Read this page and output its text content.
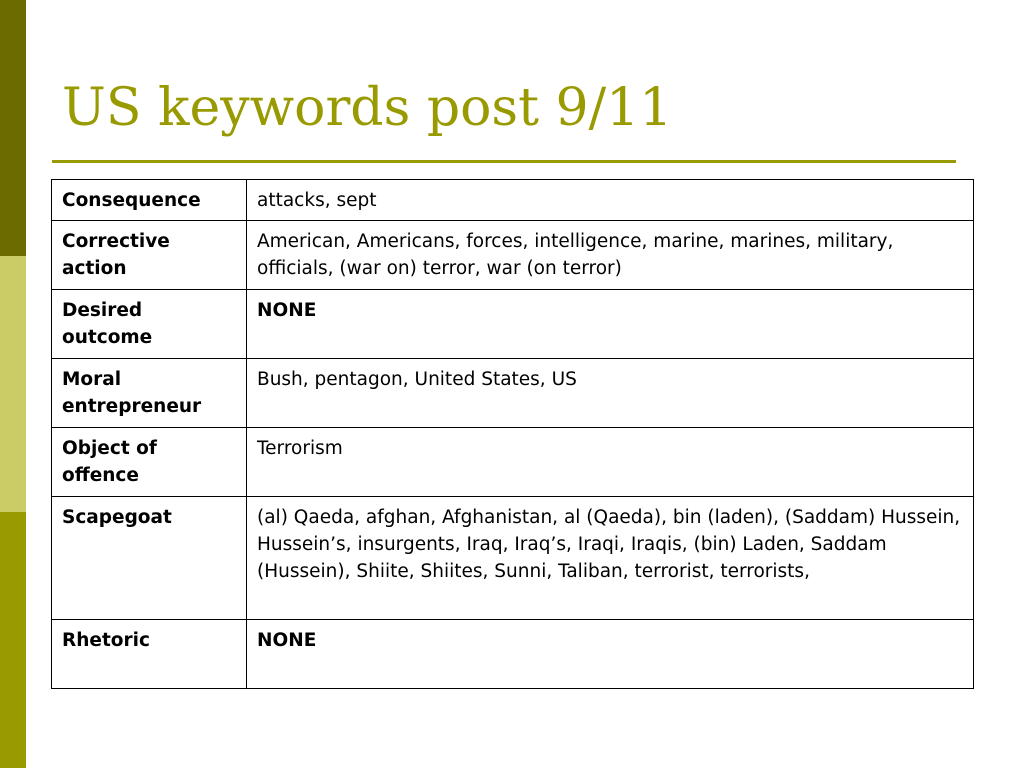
US keywords post 9/11
Consequence	attacks, sept
Corrective
action	American, Americans, forces, intelligence, marine, marines, military, officials, (war on) terror, war (on terror)
Desired
outcome	NONE
Moral
entrepreneur	Bush, pentagon, United States, US
Object of
offence	Terrorism
Scapegoat	(al) Qaeda, afghan, Afghanistan, al (Qaeda), bin (laden), (Saddam) Hussein, Hussein’s, insurgents, Iraq, Iraq’s, Iraqi, Iraqis, (bin) Laden, Saddam (Hussein), Shiite, Shiites, Sunni, Taliban, terrorist, terrorists,
Rhetoric	NONE
